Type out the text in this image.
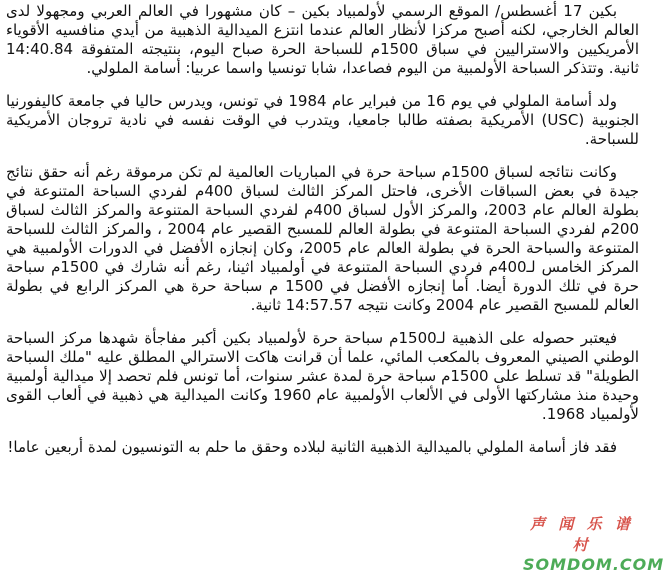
بكين 17 أغسطس/ الموقع الرسمي لأولمبياد بكين – كان مشهورا في العالم العربي ومجهولا لدى العالم الخارجي، لكنه أصبح مركزا لأنظار العالم عندما انتزع الميدالية الذهبية من أيدي منافسيه الأقوياء الأمريكيين والاستراليين في سباق 1500م للسباحة الحرة صباح اليوم، بنتيجته المتفوقة 14:40.84 ثانية. وتتذكر السباحة الأولمبية من اليوم فصاعدا، شابا تونسيا واسما عربيا: أسامة الملولي.

ولد أسامة الملولي في يوم 16 من فبراير عام 1984 في تونس، ويدرس حاليا في جامعة كاليفورنيا الجنوبية (USC) الأمريكية بصفته طالبا جامعيا، ويتدرب في الوقت نفسه في نادية تروجان الأمريكية للسباحة.

وكانت نتائجه لسباق 1500م سباحة حرة في المباريات العالمية لم تكن مرموقة رغم أنه حقق نتائج جيدة في بعض السباقات الأخرى، فاحتل المركز الثالث لسباق 400م لفردي السباحة المتنوعة في بطولة العالم عام 2003، والمركز الأول لسباق 400م لفردي السباحة المتنوعة والمركز الثالث لسباق 200م لفردي السباحة المتنوعة في بطولة العالم للمسبح القصير عام 2004 ، والمركز الثالث للسباحة المتنوعة والسباحة الحرة في بطولة العالم عام 2005، وكان إنجازه الأفضل في الدورات الأولمبية هي المركز الخامس لـ400م فردي السباحة المتنوعة في أولمبياد اثينا، رغم أنه شارك في 1500م سباحة حرة في تلك الدورة أيضا. أما إنجازه الأفضل في 1500 م سباحة حرة هي المركز الرابع في بطولة العالم للمسبح القصير عام 2004 وكانت نتيجه 14:57.57 ثانية.

فيعتبر حصوله على الذهبية لـ1500م سباحة حرة لأولمبياد بكين أكبر مفاجأة شهدها مركز السباحة الوطني الصيني المعروف بالمكعب المائي، علما أن قرانت هاكت الاسترالي المطلق عليه "ملك السباحة الطويلة" قد تسلط على 1500م سباحة حرة لمدة عشر سنوات، أما تونس فلم تحصد إلا ميدالية أولمبية وحيدة منذ مشاركتها الأولى في الألعاب الأولمبية عام 1960 وكانت الميدالية هي ذهبية في ألعاب القوى لأولمبياد 1968.

فقد فاز أسامة الملولي بالميدالية الذهبية الثانية لبلاده وحقق ما حلم به التونسيون لمدة أربعين عاما!

声 闻 乐 谱 村
SOMDOM.COM
